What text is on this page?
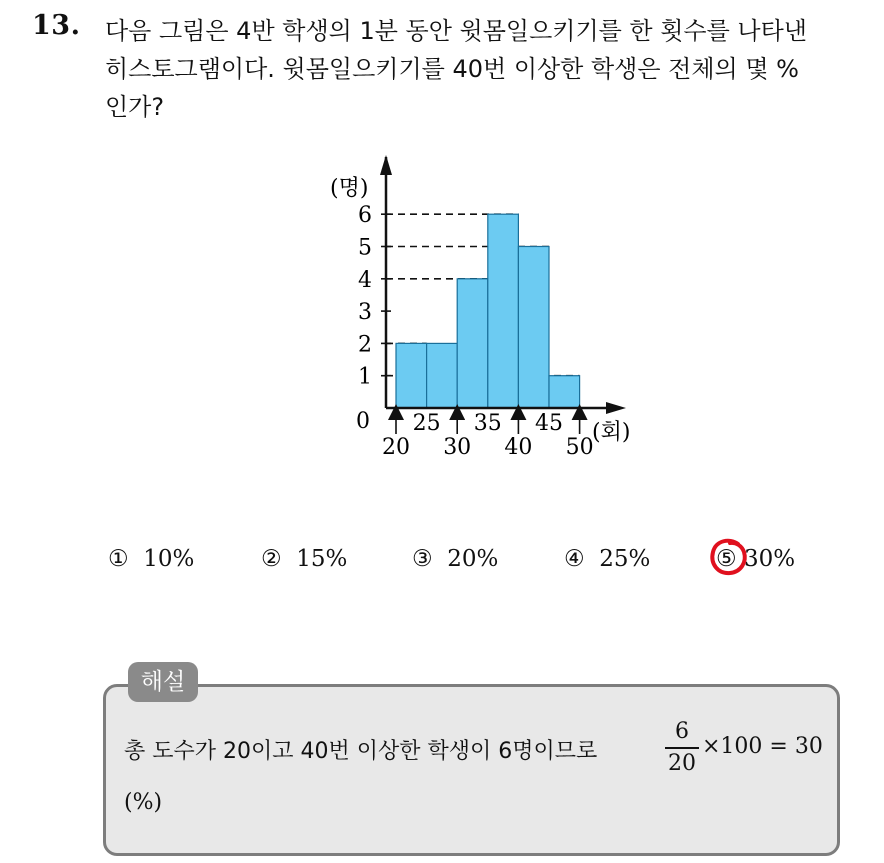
13. 다음 그림은 4반 학생의 1분 동안 윗몸일으키기를 한 횟수를 나타낸
히스토그램이다. 윗몸일으키기를 40번 이상한 학생은 전체의 몇 %
인가?
1
2
3
4
5
6
25 35 45
20 30 40 50
(명)
(회)
0
① 10%	② 15%	③ 20%	④ 25%	⑤ 30%
해설
총 도수가 20이고 40번 이상한 학생이 6명이므로
6
20
×100 = 30
(%)
